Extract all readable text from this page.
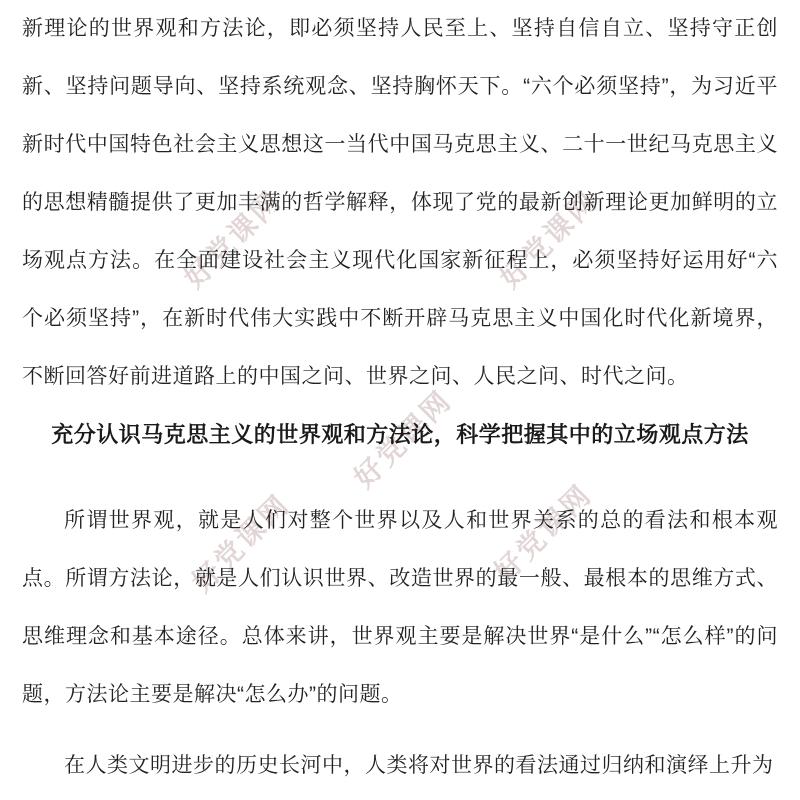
好党课网	好党课网
好党课网
好党课网	好党课网

新理论的世界观和方法论，即必须坚持人民至上、坚持自信自立、坚持守正创新、坚持问题导向、坚持系统观念、坚持胸怀天下。“六个必须坚持”，为习近平新时代中国特色社会主义思想这一当代中国马克思主义、二十一世纪马克思主义的思想精髓提供了更加丰满的哲学解释，体现了党的最新创新理论更加鲜明的立场观点方法。在全面建设社会主义现代化国家新征程上，必须坚持好运用好“六个必须坚持”，在新时代伟大实践中不断开辟马克思主义中国化时代化新境界，不断回答好前进道路上的中国之问、世界之问、人民之问、时代之问。

充分认识马克思主义的世界观和方法论，科学把握其中的立场观点方法

所谓世界观，就是人们对整个世界以及人和世界关系的总的看法和根本观点。所谓方法论，就是人们认识世界、改造世界的最一般、最根本的思维方式、思维理念和基本途径。总体来讲，世界观主要是解决世界“是什么”“怎么样”的问题，方法论主要是解决“怎么办”的问题。

在人类文明进步的历史长河中，人类将对世界的看法通过归纳和演绎上升为
